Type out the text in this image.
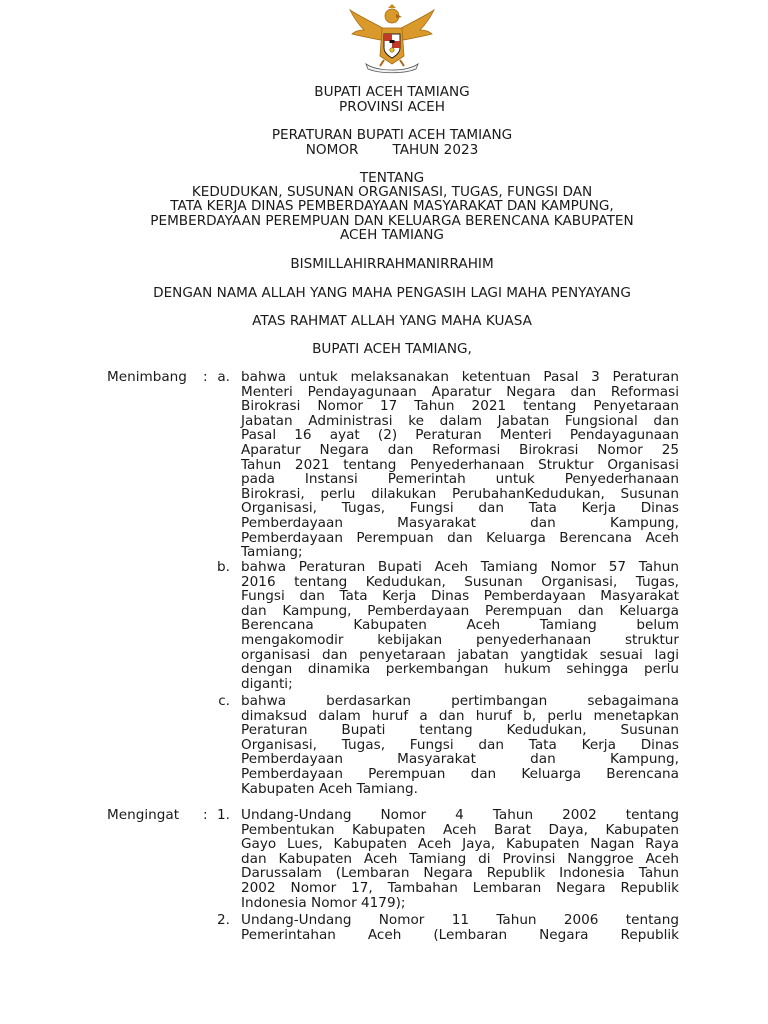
BUPATI ACEH TAMIANG
PROVINSI ACEH
PERATURAN BUPATI ACEH TAMIANG
NOMOR	TAHUN 2023
TENTANG
KEDUDUKAN, SUSUNAN ORGANISASI, TUGAS, FUNGSI DAN
TATA KERJA DINAS PEMBERDAYAAN MASYARAKAT DAN KAMPUNG,
PEMBERDAYAAN PEREMPUAN DAN KELUARGA BERENCANA KABUPATEN
ACEH TAMIANG
BISMILLAHIRRAHMANIRRAHIM
DENGAN NAMA ALLAH YANG MAHA PENGASIH LAGI MAHA PENYAYANG
ATAS RAHMAT ALLAH YANG MAHA KUASA
BUPATI ACEH TAMIANG,
Menimbang : a. bahwa untuk melaksanakan ketentuan Pasal 3 Peraturan
Menteri Pendayagunaan Aparatur Negara dan Reformasi
Birokrasi Nomor 17 Tahun 2021 tentang Penyetaraan
Jabatan Administrasi ke dalam Jabatan Fungsional dan
Pasal 16 ayat (2) Peraturan Menteri Pendayagunaan
Aparatur Negara dan Reformasi Birokrasi Nomor 25
Tahun 2021 tentang Penyederhanaan Struktur Organisasi
pada Instansi Pemerintah untuk Penyederhanaan
Birokrasi, perlu dilakukan PerubahanKedudukan, Susunan
Organisasi, Tugas, Fungsi dan Tata Kerja Dinas
Pemberdayaan Masyarakat dan Kampung,
Pemberdayaan Perempuan dan Keluarga Berencana Aceh
Tamiang;
b. bahwa Peraturan Bupati Aceh Tamiang Nomor 57 Tahun
2016 tentang Kedudukan, Susunan Organisasi, Tugas,
Fungsi dan Tata Kerja Dinas Pemberdayaan Masyarakat
dan Kampung, Pemberdayaan Perempuan dan Keluarga
Berencana Kabupaten Aceh Tamiang belum
mengakomodir kebijakan penyederhanaan struktur
organisasi dan penyetaraan jabatan yangtidak sesuai lagi
dengan dinamika perkembangan hukum sehingga perlu
diganti;
c. bahwa berdasarkan pertimbangan sebagaimana
dimaksud dalam huruf a dan huruf b, perlu menetapkan
Peraturan Bupati tentang Kedudukan, Susunan
Organisasi, Tugas, Fungsi dan Tata Kerja Dinas
Pemberdayaan Masyarakat dan Kampung,
Pemberdayaan Perempuan dan Keluarga Berencana
Kabupaten Aceh Tamiang.
Mengingat : 1. Undang-Undang Nomor 4 Tahun 2002 tentang
Pembentukan Kabupaten Aceh Barat Daya, Kabupaten
Gayo Lues, Kabupaten Aceh Jaya, Kabupaten Nagan Raya
dan Kabupaten Aceh Tamiang di Provinsi Nanggroe Aceh
Darussalam (Lembaran Negara Republik Indonesia Tahun
2002 Nomor 17, Tambahan Lembaran Negara Republik
Indonesia Nomor 4179);
2. Undang-Undang Nomor 11 Tahun 2006 tentang
Pemerintahan Aceh (Lembaran Negara Republik
